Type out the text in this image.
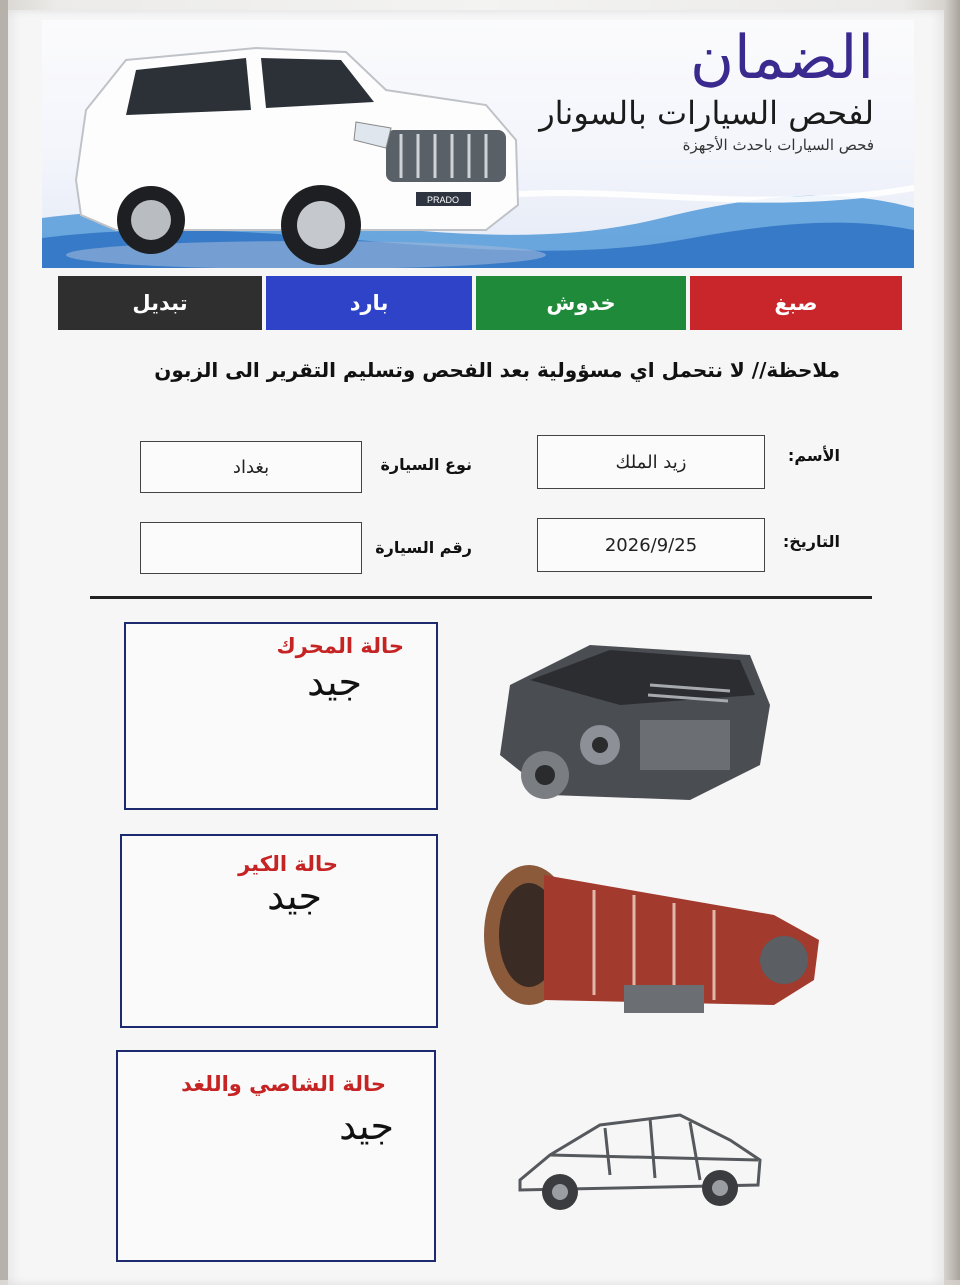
PRADO
الضمان
لفحص السيارات بالسونار
فحص السيارات باحدث الأجهزة
صبغ
خدوش
بارد
تبديل
ملاحظة// لا نتحمل اي مسؤولية بعد الفحص وتسليم التقرير الى الزبون
الأسم:
زيد الملك
نوع السيارة
بغداد
التاريخ:
2026/9/25
رقم السيارة
حالة المحرك
جيد
حالة الكير
جيد
حالة الشاصي واللغد
جيد
